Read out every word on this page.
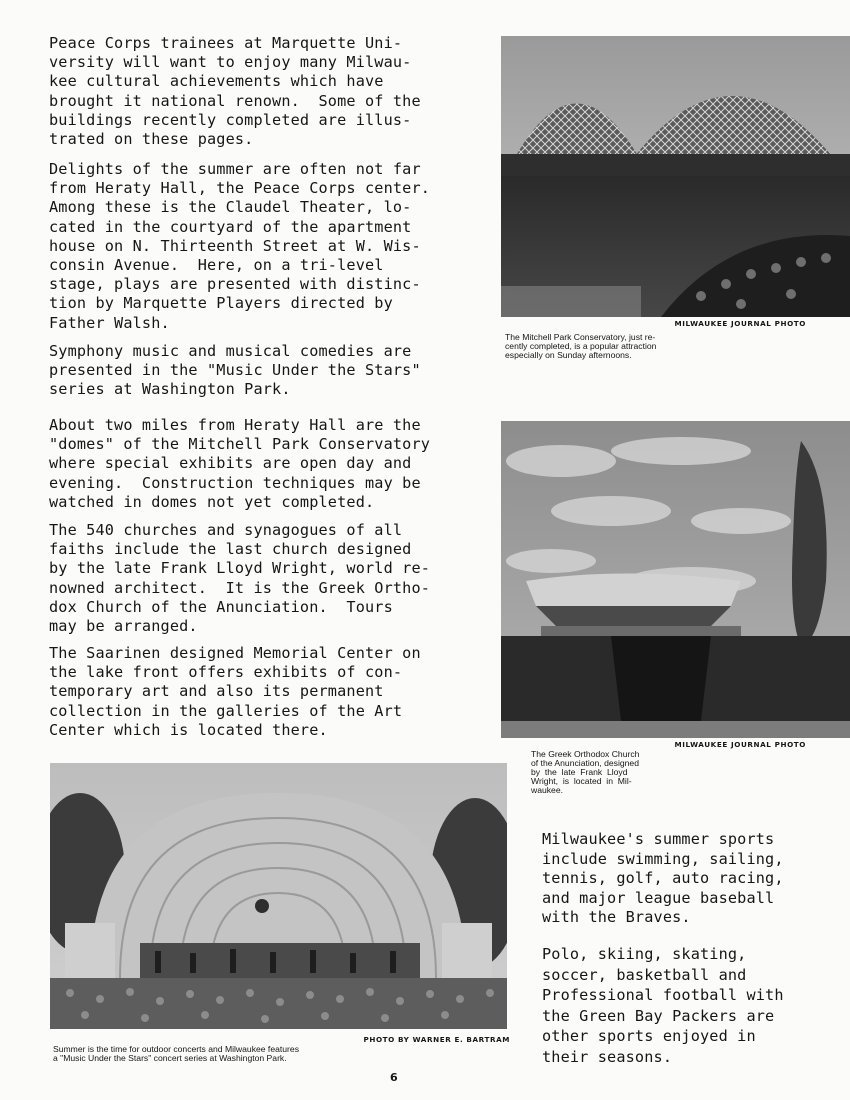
Peace Corps trainees at Marquette Uni-
versity will want to enjoy many Milwau-
kee cultural achievements which have
brought it national renown.  Some of the
buildings recently completed are illus-
trated on these pages.

Delights of the summer are often not far
from Heraty Hall, the Peace Corps center.
Among these is the Claudel Theater, lo-
cated in the courtyard of the apartment
house on N. Thirteenth Street at W. Wis-
consin Avenue.  Here, on a tri-level
stage, plays are presented with distinc-
tion by Marquette Players directed by
Father Walsh.

Symphony music and musical comedies are
presented in the "Music Under the Stars"
series at Washington Park.

About two miles from Heraty Hall are the
"domes" of the Mitchell Park Conservatory
where special exhibits are open day and
evening.  Construction techniques may be
watched in domes not yet completed.

The 540 churches and synagogues of all
faiths include the last church designed
by the late Frank Lloyd Wright, world re-
nowned architect.  It is the Greek Ortho-
dox Church of the Anunciation.  Tours
may be arranged.

The Saarinen designed Memorial Center on
the lake front offers exhibits of con-
temporary art and also its permanent
collection in the galleries of the Art
Center which is located there.

MILWAUKEE JOURNAL PHOTO

The Mitchell Park Conservatory, just re-
cently completed, is a popular attraction
especially on Sunday afternoons.

MILWAUKEE JOURNAL PHOTO

The Greek Orthodox Church
of the Anunciation, designed
by  the  late  Frank  Lloyd
Wright,  is  located  in  Mil-
waukee.

Milwaukee's summer sports
include swimming, sailing,
tennis, golf, auto racing,
and major league baseball
with the Braves.

Polo, skiing, skating,
soccer, basketball and
Professional football with
the Green Bay Packers are
other sports enjoyed in
their seasons.

PHOTO BY WARNER E. BARTRAM

Summer is the time for outdoor concerts and Milwaukee features
a "Music Under the Stars" concert series at Washington Park.

6
